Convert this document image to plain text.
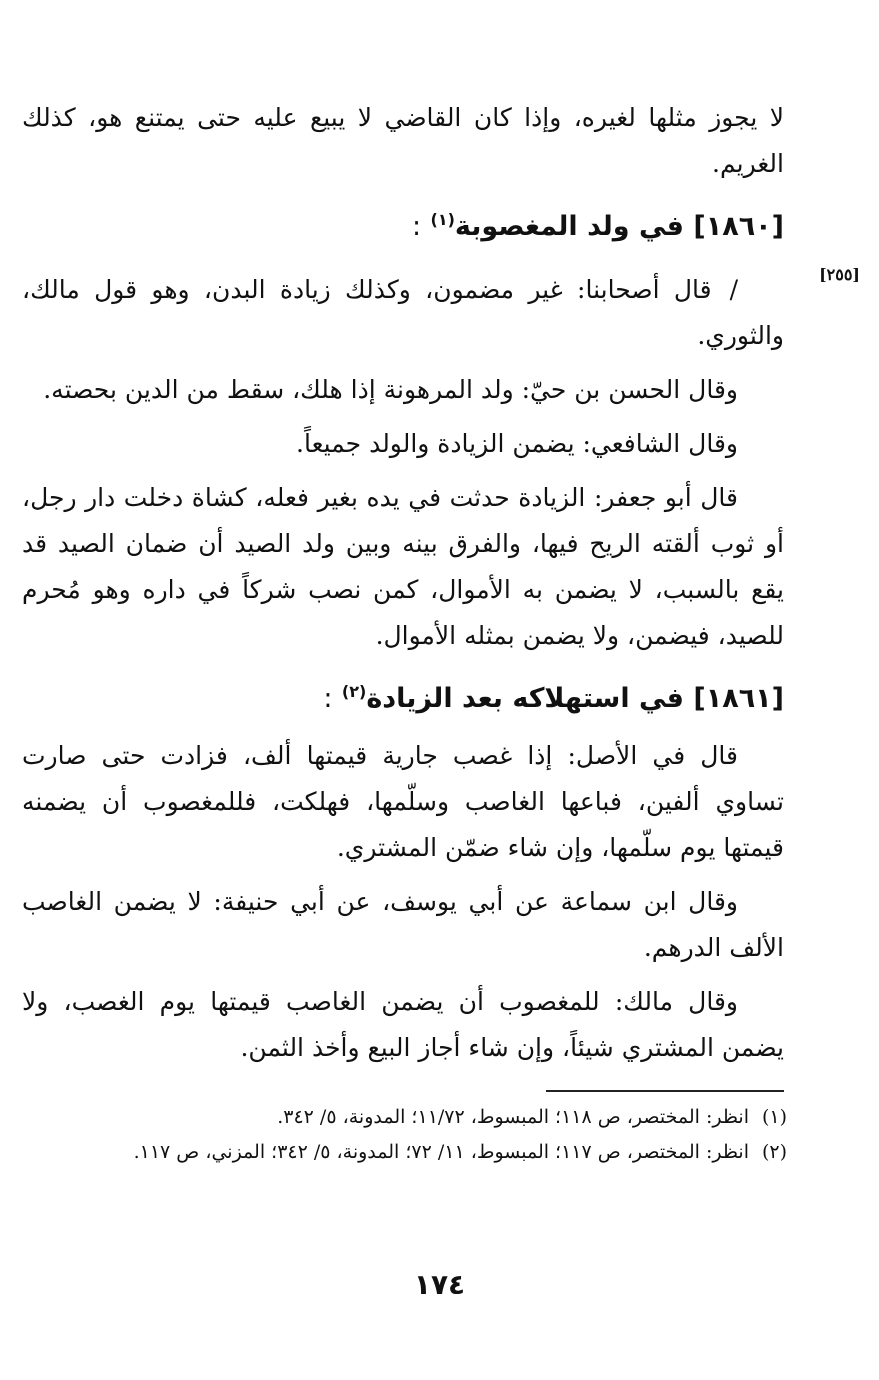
لا يجوز مثلها لغيره، وإذا كان القاضي لا يبيع عليه حتى يمتنع هو، كذلك الغريم.

[١٨٦٠] في ولد المغصوبة$^{(١)}$ :
[٢٥٥]

/قال أصحابنا: غير مضمون، وكذلك زيادة البدن، وهو قول مالك، والثوري.

وقال الحسن بن حيّ: ولد المرهونة إذا هلك، سقط من الدين بحصته.

وقال الشافعي: يضمن الزيادة والولد جميعاً.

قال أبو جعفر: الزيادة حدثت في يده بغير فعله، كشاة دخلت دار رجل، أو ثوب ألقته الريح فيها، والفرق بينه وبين ولد الصيد أن ضمان الصيد قد يقع بالسبب، لا يضمن به الأموال، كمن نصب شركاً في داره وهو مُحرم للصيد، فيضمن، ولا يضمن بمثله الأموال.

[١٨٦١] في استهلاكه بعد الزيادة$^{(٢)}$ :

قال في الأصل: إذا غصب جارية قيمتها ألف، فزادت حتى صارت تساوي ألفين، فباعها الغاصب وسلّمها، فهلكت، فللمغصوب أن يضمنه قيمتها يوم سلّمها، وإن شاء ضمّن المشتري.

وقال ابن سماعة عن أبي يوسف، عن أبي حنيفة: لا يضمن الغاصب الألف الدرهم.

وقال مالك: للمغصوب أن يضمن الغاصب قيمتها يوم الغصب، ولا يضمن المشتري شيئاً، وإن شاء أجاز البيع وأخذ الثمن.

(١)انظر: المختصر، ص ١١٨؛ المبسوط، ١١/٧٢؛ المدونة، ٥/ ٣٤٢.

(٢)انظر: المختصر، ص ١١٧؛ المبسوط، ١١/ ٧٢؛ المدونة، ٥/ ٣٤٢؛ المزني، ص ١١٧.

١٧٤
